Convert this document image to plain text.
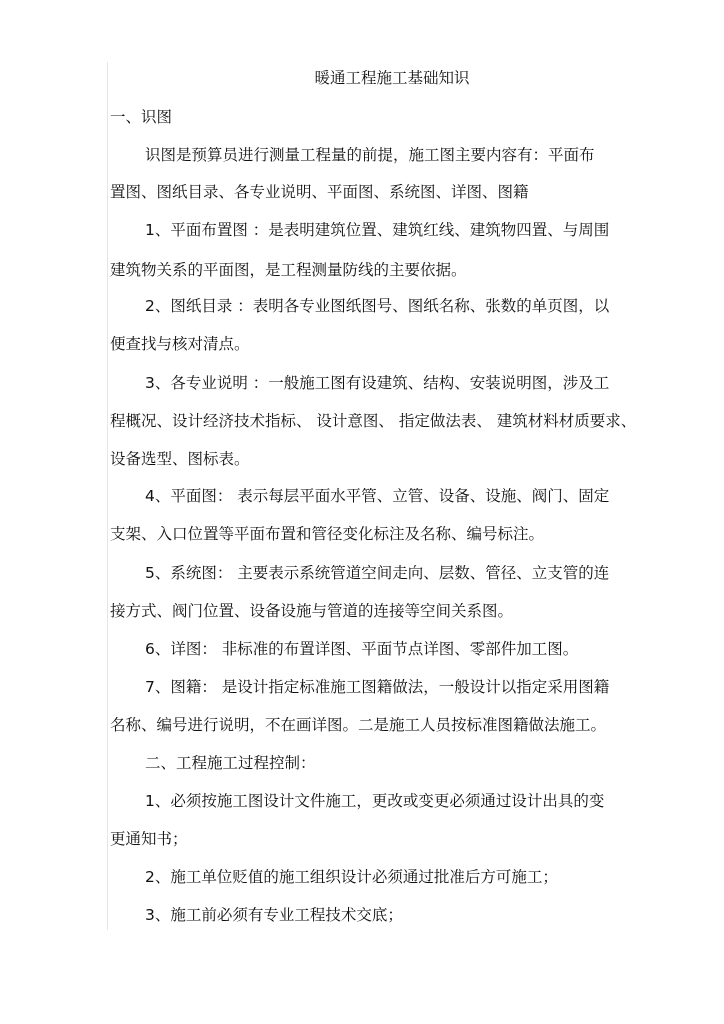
暖通工程施工基础知识
一、识图
识图是预算员进行测量工程量的前提，施工图主要内容有：平面布
置图、图纸目录、各专业说明、平面图、系统图、详图、图籍
1、平面布置图 ：是表明建筑位置、建筑红线、建筑物四置、与周围
建筑物关系的平面图，是工程测量防线的主要依据。
2、图纸目录 ：表明各专业图纸图号、图纸名称、张数的单页图，以
便查找与核对清点。
3、各专业说明 ：一般施工图有设建筑、结构、安装说明图，涉及工
程概况、设计经济技术指标、 设计意图、 指定做法表、 建筑材料材质要求、
设备选型、图标表。
4、平面图： 表示每层平面水平管、立管、设备、设施、阀门、固定
支架、入口位置等平面布置和管径变化标注及名称、编号标注。
5、系统图： 主要表示系统管道空间走向、层数、管径、立支管的连
接方式、阀门位置、设备设施与管道的连接等空间关系图。
6、详图： 非标准的布置详图、平面节点详图、零部件加工图。
7、图籍： 是设计指定标准施工图籍做法，一般设计以指定采用图籍
名称、编号进行说明，不在画详图。二是施工人员按标准图籍做法施工。
二、工程施工过程控制：
1、必须按施工图设计文件施工，更改或变更必须通过设计出具的变
更通知书；
2、施工单位贬值的施工组织设计必须通过批准后方可施工；
3、施工前必须有专业工程技术交底；
